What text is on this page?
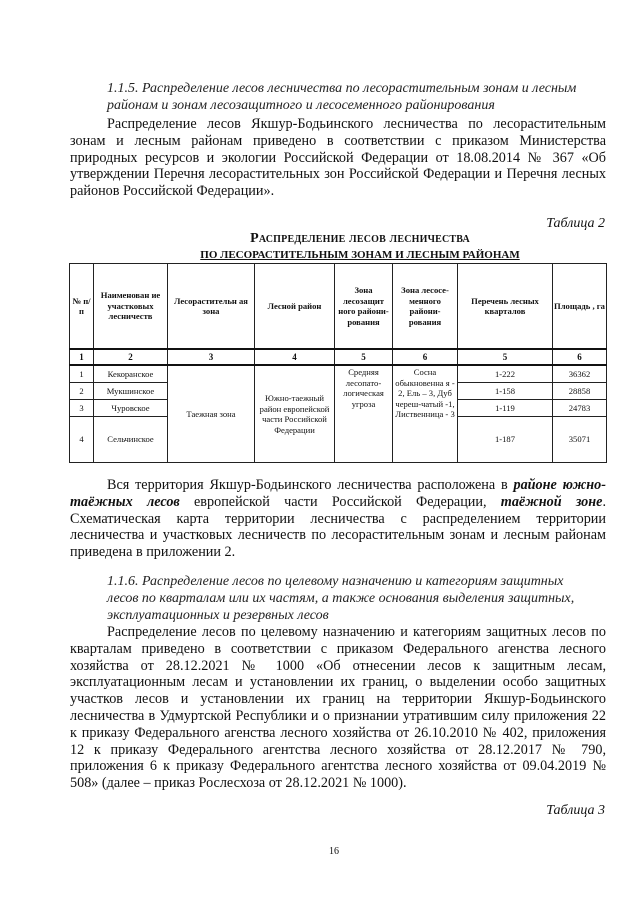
1.1.5. Распределение лесов лесничества по лесорастительным зонам и лесным
районам и зонам лесозащитного и лесосеменного районирования
Распределение лесов Якшур-Бодьинского лесничества по лесорастительным зонам и лесным районам приведено в соответствии с приказом Министерства природных ресурсов и экологии Российской Федерации от 18.08.2014 № 367 «Об утверждении Перечня лесорастительных зон Российской Федерации и Перечня лесных районов Российской Федерации».
Таблица 2
Распределение лесов лесничества
ПО ЛЕСОРАСТИТЕЛЬНЫМ ЗОНАМ И ЛЕСНЫМ РАЙОНАМ
№ п/ п	Наименован ие участковых лесничеств	Лесорастительн ая зона	Лесной район	Зона лесозащит ного райони-рования	Зона лесосе-менного райони-рования	Перечень лесных кварталов	Площадь , га
1	2	3	4	5	6	5	6
1	Кекоранское	Таежная зона	Южно-таежный район европейской части Российской Федерации	Средняя лесопато-логическая угроза	Сосна обыкновенна я - 2, Ель – 3, Дуб череш-чатый -1, Лиственница - 3	1-222	36362
2	Мукшинское					1-158	28858
3	Чуровское					1-119	24783
4	Сельчинское					1-187	35071
Вся территория Якшур-Бодьинского лесничества расположена в районе южно-таёжных лесов европейской части Российской Федерации, таёжной зоне. Схематическая карта территории лесничества с распределением территории лесничества и участковых лесничеств по лесорастительным зонам и лесным районам приведена в приложении 2.
1.1.6. Распределение лесов по целевому назначению и категориям защитных
лесов по кварталам или их частям, а также основания выделения защитных,
эксплуатационных и резервных лесов
Распределение лесов по целевому назначению и категориям защитных лесов по кварталам приведено в соответствии с приказом Федерального агенства лесного хозяйства от 28.12.2021 № 1000 «Об отнесении лесов к защитным лесам, эксплуатационным лесам и установлении их границ, о выделении особо защитных участков лесов и установлении их границ на территории Якшур-Бодьинского лесничества в Удмуртской Республики и о признании утратившим силу приложения 22 к приказу Федерального агенства лесного хозяйства от 26.10.2010 № 402, приложения 12 к приказу Федерального агентства лесного хозяйства от 28.12.2017 № 790, приложения 6 к приказу Федерального агентства лесного хозяйства от 09.04.2019 № 508» (далее – приказ Рослесхоза от 28.12.2021 № 1000).
Таблица 3
16
